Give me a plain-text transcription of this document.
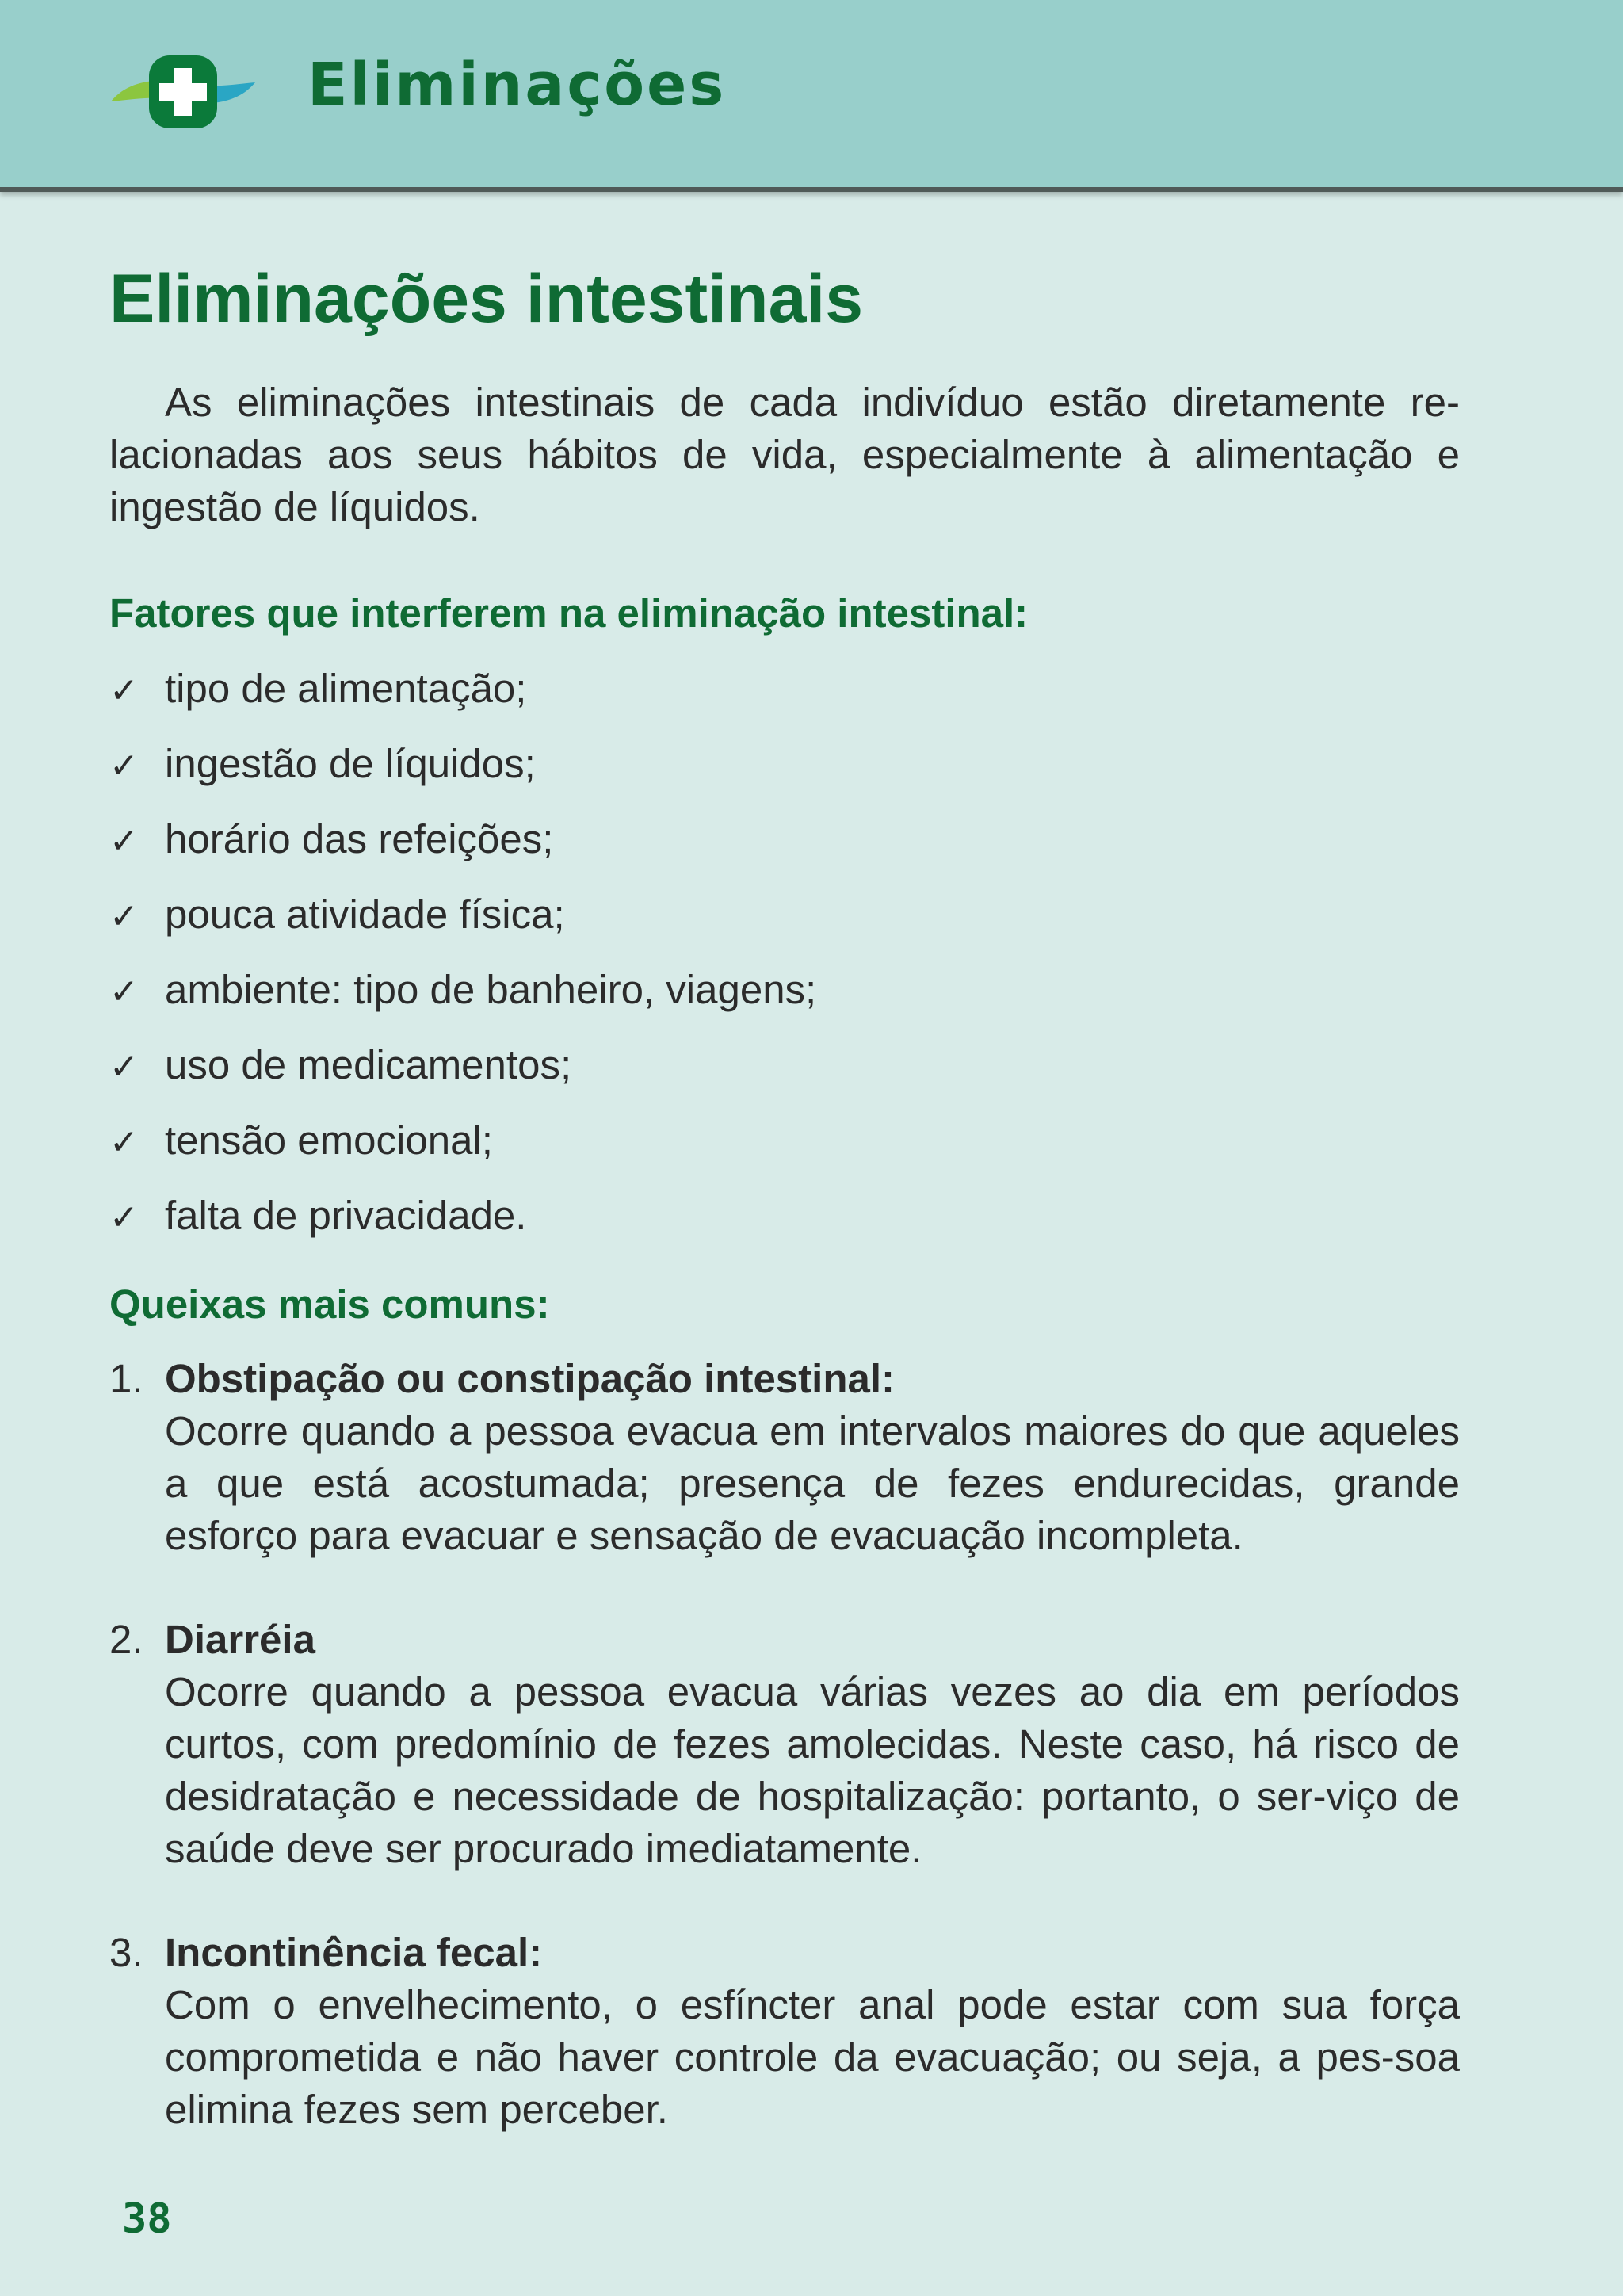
Eliminações
Eliminações intestinais

As eliminações intestinais de cada indivíduo estão diretamente re-lacionadas aos seus hábitos de vida, especialmente à alimentação e ingestão de líquidos.

Fatores que interferem na eliminação intestinal:
✓ tipo de alimentação;
✓ ingestão de líquidos;
✓ horário das refeições;
✓ pouca atividade física;
✓ ambiente: tipo de banheiro, viagens;
✓ uso de medicamentos;
✓ tensão emocional;
✓ falta de privacidade.
Queixas mais comuns:
1. Obstipação ou constipação intestinal:
Ocorre quando a pessoa evacua em intervalos maiores do que aqueles a que está acostumada; presença de fezes endurecidas, grande esforço para evacuar e sensação de evacuação incompleta.
2. Diarréia
Ocorre quando a pessoa evacua várias vezes ao dia em períodos curtos, com predomínio de fezes amolecidas. Neste caso, há risco de desidratação e necessidade de hospitalização: portanto, o ser-viço de saúde deve ser procurado imediatamente.
3. Incontinência fecal:
Com o envelhecimento, o esfíncter anal pode estar com sua força comprometida e não haver controle da evacuação; ou seja, a pes-soa elimina fezes sem perceber.
38
